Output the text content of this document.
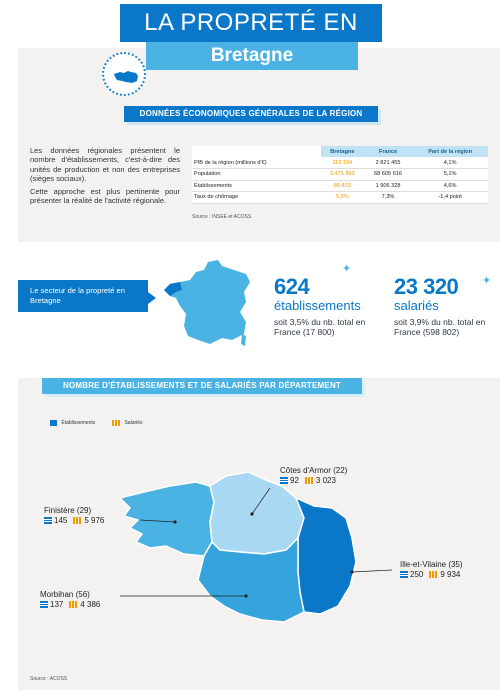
LA PROPRETÉ EN
Bretagne
DONNÉES ÉCONOMIQUES GÉNÉRALES DE LA RÉGION

Les données régionales présentent le nombre d'établissements, c'est-à-dire des unités de production et non des entreprises (sièges sociaux).

Cette approche est plus pertinente pour présenter la réalité de l'activité régionale.

	Bretagne	France	Part de la région
PIB de la région (millions d'€)	113 184	2 821 455	4,1%
Population	3 475 893	68 605 616	5,1%
Établissements	88 403	1 906 328	4,6%
Taux de chômage	5,9%	7,3%	-1,4 point
Source : INSEE et ACOSS
Le secteur de la propreté en Bretagne
✦
✦
624
établissements
soit 3,5% du nb. total en France (17 800)
23 320
salariés
soit 3,9% du nb. total en France (598 802)
NOMBRE D'ÉTABLISSEMENTS ET DE SALARIÉS PAR DÉPARTEMENT
Établissements	Salariés
Côtes d'Armor (22)
92 3 023
Finistère (29)
145 5 976
Ille-et-Vilaine (35)
250 9 934
Morbihan (56)
137 4 386
Source : ACOSS
